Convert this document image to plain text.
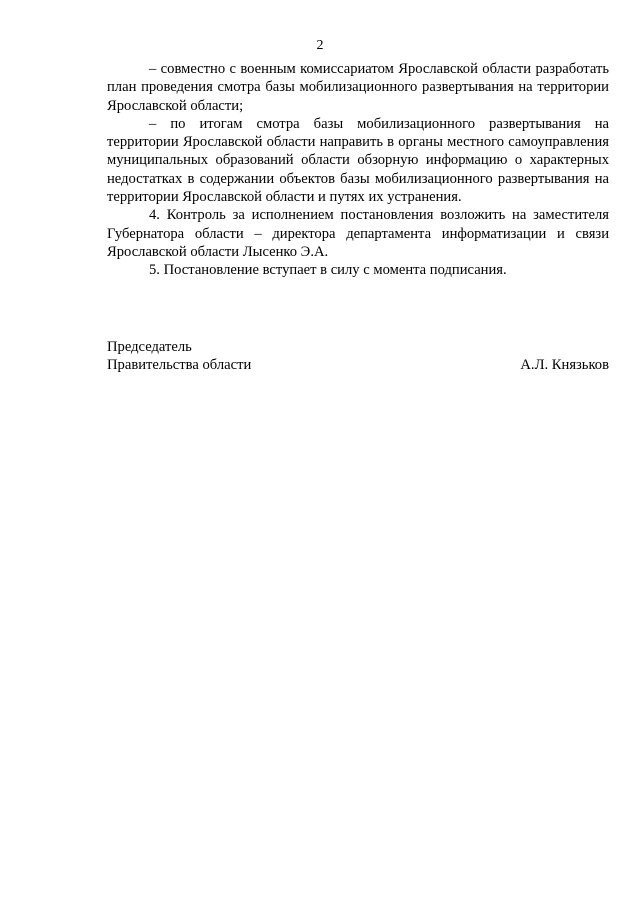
2

– совместно с военным комиссариатом Ярославской области разработать план проведения смотра базы мобилизационного развертывания на территории Ярославской области;

– по итогам смотра базы мобилизационного развертывания на территории Ярославской области направить в органы местного самоуправления муниципальных образований области обзорную информацию о характерных недостатках в содержании объектов базы мобилизационного развертывания на территории Ярославской области и путях их устранения.

4. Контроль за исполнением постановления возложить на заместителя Губернатора области – директора департамента информатизации и связи Ярославской области Лысенко Э.А.

5. Постановление вступает в силу с момента подписания.

Председатель
Правительства области	А.Л. Князьков
